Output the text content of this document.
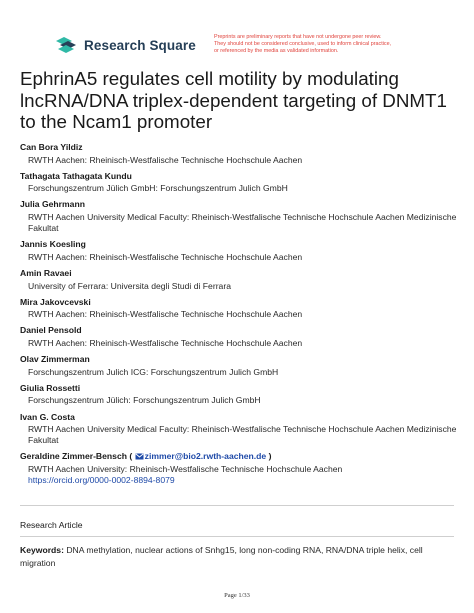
Research Square
Preprints are preliminary reports that have not undergone peer review.
They should not be considered conclusive, used to inform clinical practice,
or referenced by the media as validated information.
EphrinA5 regulates cell motility by modulating lncRNA/DNA triplex-dependent targeting of DNMT1 to the Ncam1 promoter
Can Bora Yildiz
RWTH Aachen: Rheinisch-Westfalische Technische Hochschule Aachen
Tathagata Tathagata Kundu
Forschungszentrum Jülich GmbH: Forschungszentrum Julich GmbH
Julia Gehrmann
RWTH Aachen University Medical Faculty: Rheinisch-Westfalische Technische Hochschule Aachen Medizinische Fakultat
Jannis Koesling
RWTH Aachen: Rheinisch-Westfalische Technische Hochschule Aachen
Amin Ravaei
University of Ferrara: Universita degli Studi di Ferrara
Mira Jakovcevski
RWTH Aachen: Rheinisch-Westfalische Technische Hochschule Aachen
Daniel Pensold
RWTH Aachen: Rheinisch-Westfalische Technische Hochschule Aachen
Olav Zimmerman
Forschungszentrum Julich ICG: Forschungszentrum Julich GmbH
Giulia Rossetti
Forschungszentrum Jülich: Forschungszentrum Julich GmbH
Ivan G. Costa
RWTH Aachen University Medical Faculty: Rheinisch-Westfalische Technische Hochschule Aachen Medizinische Fakultat
Geraldine Zimmer-Bensch ( zimmer@bio2.rwth-aachen.de )
RWTH Aachen University: Rheinisch-Westfalische Technische Hochschule Aachen
https://orcid.org/0000-0002-8894-8079
Research Article
Keywords: DNA methylation, nuclear actions of Snhg15, long non-coding RNA, RNA/DNA triple helix, cell migration
Page 1/33
